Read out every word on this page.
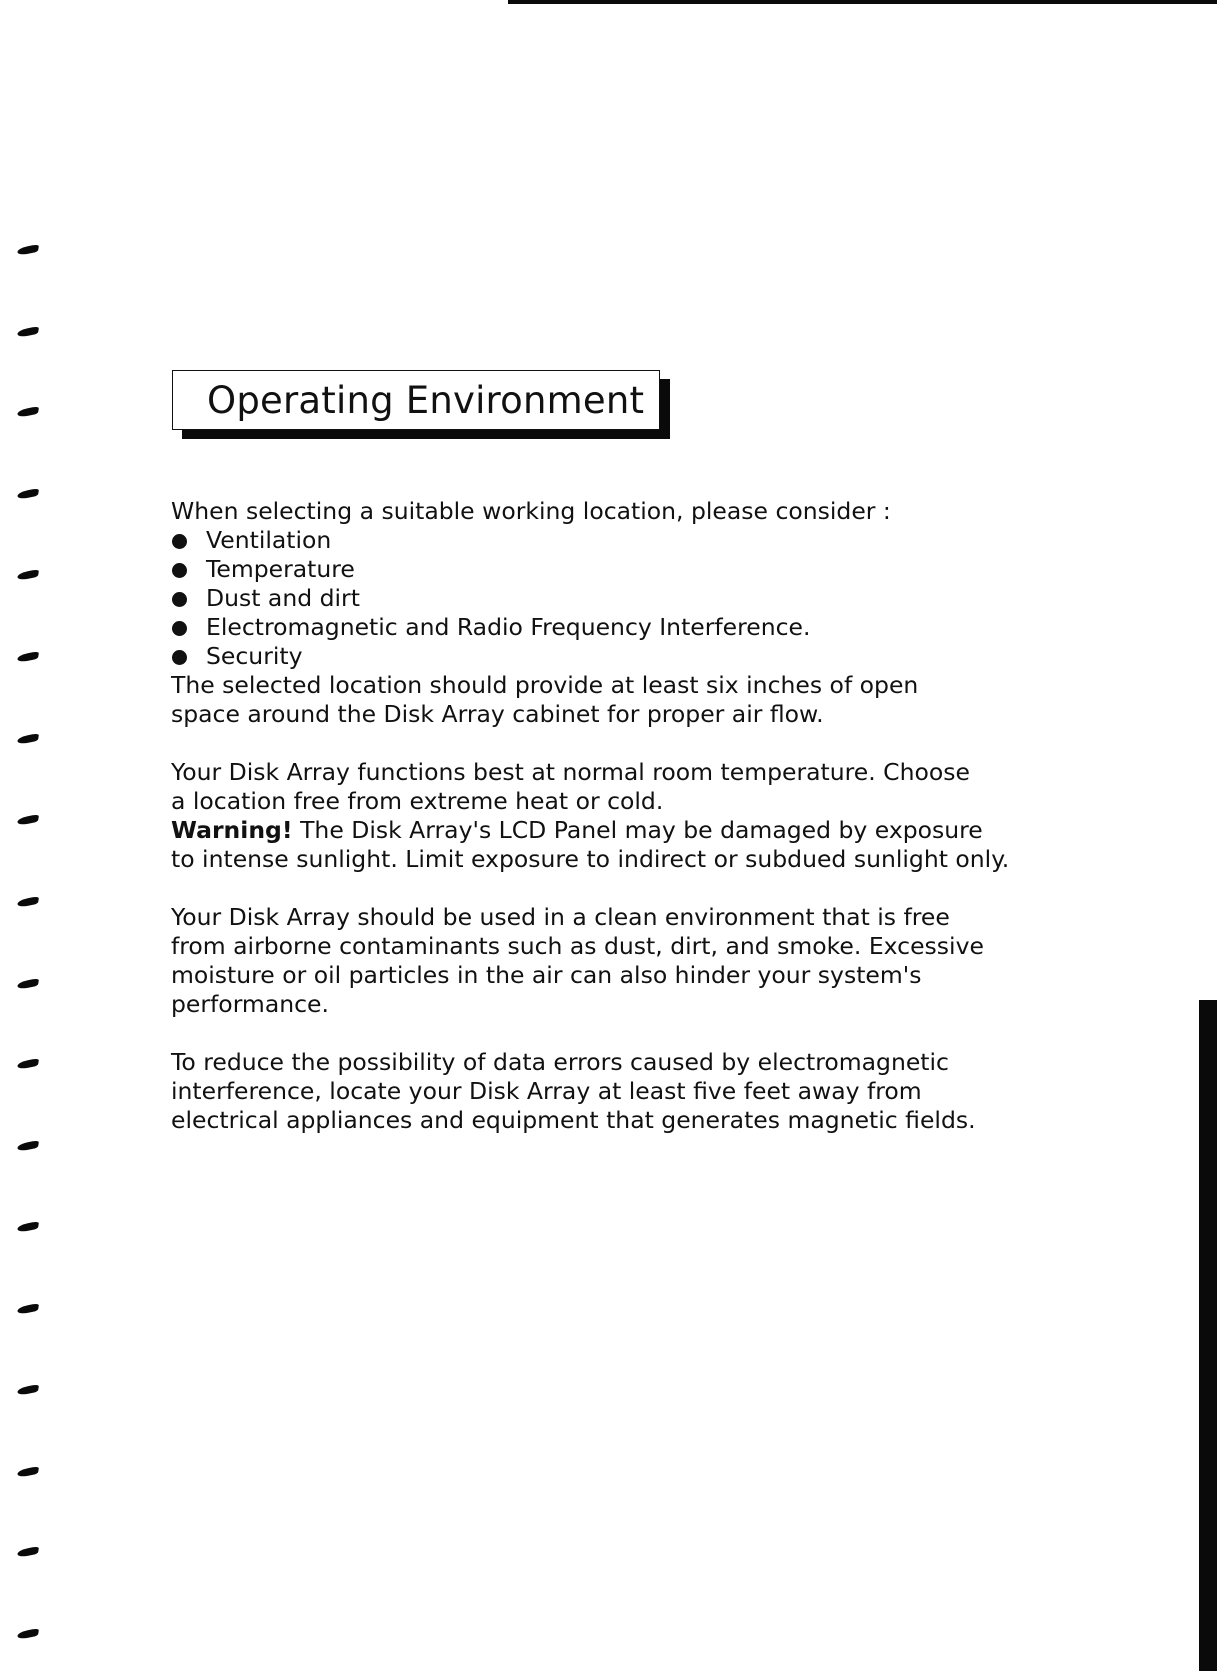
Operating Environment

When selecting a suitable working location, please consider :

Ventilation
Temperature
Dust and dirt
Electromagnetic and Radio Frequency Interference.
Security

The selected location should provide at least six inches of open

space around the Disk Array cabinet for proper air flow.

Your Disk Array functions best at normal room temperature. Choose

a location free from extreme heat or cold.

Warning! The Disk Array's LCD Panel may be damaged by exposure

to intense sunlight. Limit exposure to indirect or subdued sunlight only.

Your Disk Array should be used in a clean environment that is free

from airborne contaminants such as dust, dirt, and smoke. Excessive

moisture or oil particles in the air can also hinder your system's

performance.

To reduce the possibility of data errors caused by electromagnetic

interference, locate your Disk Array at least five feet away from

electrical appliances and equipment that generates magnetic fields.
